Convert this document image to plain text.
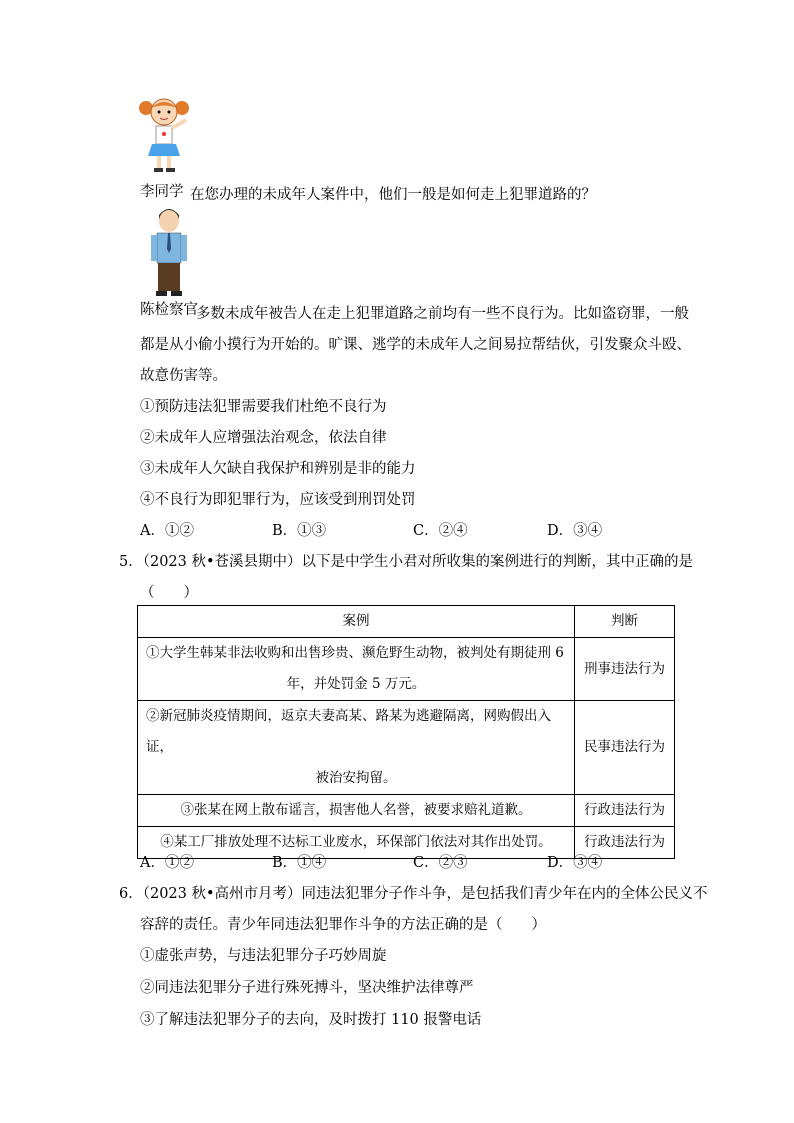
李同学 在您办理的未成年人案件中，他们一般是如何走上犯罪道路的？
陈检察官
多数未成年被告人在走上犯罪道路之前均有一些不良行为。比如盗窃罪，一般
都是从小偷小摸行为开始的。旷课、逃学的未成年人之间易拉帮结伙，引发聚众斗殴、
故意伤害等。
①预防违法犯罪需要我们杜绝不良行为
②未成年人应增强法治观念，依法自律
③未成年人欠缺自我保护和辨别是非的能力
④不良行为即犯罪行为，应该受到刑罚处罚
A．①②	B．①③	C．②④	D．③④
5．（2023 秋•苍溪县期中）以下是中学生小君对所收集的案例进行的判断，其中正确的是
（　　）
案例	判断

①大学生韩某非法收购和出售珍贵、濒危野生动物，被判处有期徒刑 6
年，并处罚金 5 万元。	刑事违法行为

②新冠肺炎疫情期间，返京夫妻高某、路某为逃避隔离，网购假出入证，
被治安拘留。	民事违法行为
③张某在网上散布谣言，损害他人名誉，被要求赔礼道歉。	行政违法行为
④某工厂排放处理不达标工业废水，环保部门依法对其作出处罚。	行政违法行为
A．①②	B．①④	C．②③	D．③④
6．（2023 秋•高州市月考）同违法犯罪分子作斗争，是包括我们青少年在内的全体公民义不
容辞的责任。青少年同违法犯罪作斗争的方法正确的是（　　）
①虚张声势，与违法犯罪分子巧妙周旋
②同违法犯罪分子进行殊死搏斗，坚决维护法律尊严
③了解违法犯罪分子的去向，及时拨打 110 报警电话
